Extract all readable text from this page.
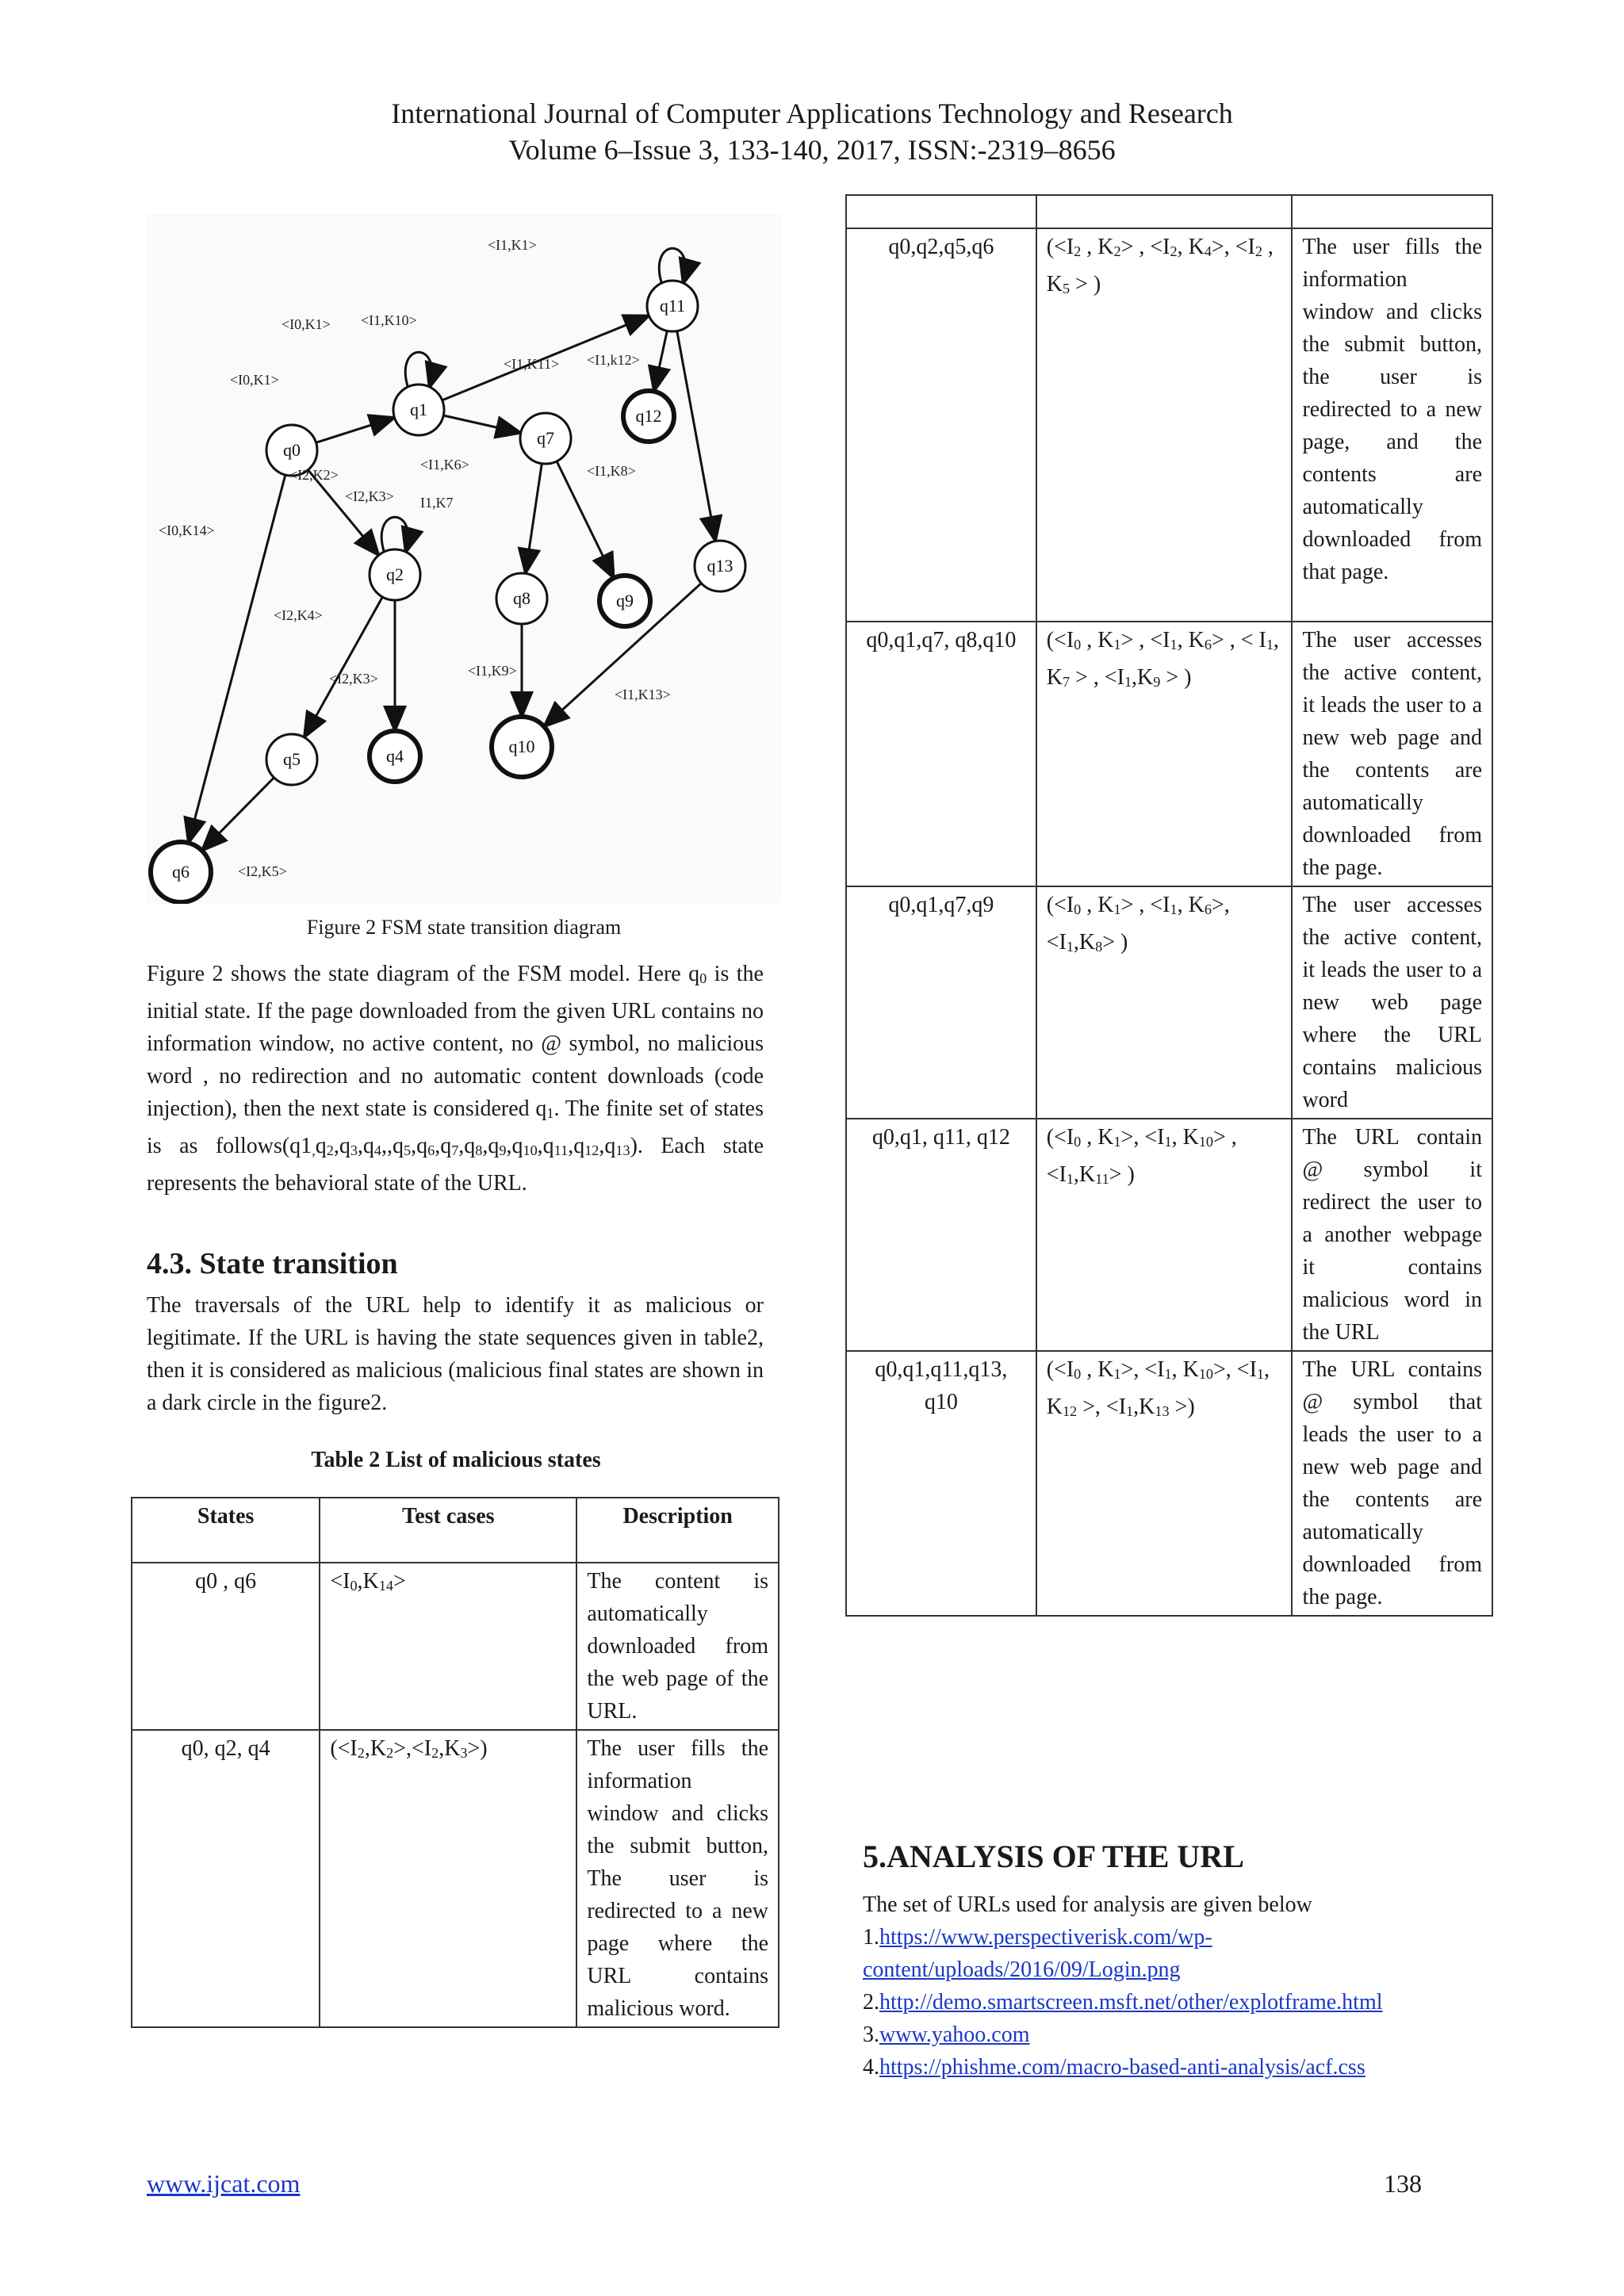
International Journal of Computer Applications Technology and Research
Volume 6–Issue 3, 133-140, 2017, ISSN:-2319–8656
q0
q1
q2
q4
q5
q6
q7
q8	q9
q10
q11
q12
q13
<I0,K14>
<I0,K1>
<I0,K1> <I1,K10>
<I1,K1>
<I1,K11> <I1,k12>
<I2,K2>
<I2,K3>
<I1,K6>
I1,K7
<I1,K8>
<I2,K4>
<I2,K3>	<I1,K9>
<I1,K13>
<I2,K5>
Figure 2 FSM state transition diagram
Figure 2 shows the state diagram of the FSM model. Here $q_0$ is the initial state. If the page downloaded from the given URL contains no information window, no active content, no @ symbol, no malicious word , no redirection and no automatic content downloads (code injection), then the next state is considered $q_1$. The finite set of states is as $follows(q1_,q_2,q_3,q_4,,q_5,q_6,q_7,q_8,q_9,q_{10},q_{11},q_{12},q_{13})$. Each state represents the behavioral state of the URL.
4.3. State transition
The traversals of the URL help to identify it as malicious or legitimate. If the URL is having the state sequences given in table2, then it is considered as malicious (malicious final states are shown in a dark circle in the figure2.
Table 2 List of malicious states
States	Test cases	Description
q0 , q6	$<I_0,K_{14}>$	The content is automatically downloaded from the web page of the URL.
q0, q2, q4	$(<I_2,K_2>,<I_2,K_3>)$	The user fills the information window and clicks the submit button, The user is redirected to a new page where the URL contains malicious word.

q0,q2,q5,q6	($<I_2$ , $K_2>$ , $<I_2$, $K_4>$, $<I_2$ , $K_5$ > )	The user fills the information window and clicks the submit button, the user is redirected to a new page, and the contents are automatically downloaded from that page.
q0,q1,q7, q8,q10	($<I_0$ , $K_1>$ , $<I_1$, $K_6>$ , < $I_1$, $K_7$ > , $<I_1,K_9$ > )	The user accesses the active content, it leads the user to a new web page and the contents are automatically downloaded from the page.
q0,q1,q7,q9	($<I_0$ , $K_1>$ , $<I_1$, $K_6>$, $<I_1,K_8>$ )	The user accesses the active content, it leads the user to a new web page where the URL contains malicious word
q0,q1, q11, q12	($<I_0$ , $K_1>$, $<I_1$, $K_{10}>$ , $<I_1,K_{11}>$ )	The URL contain @ symbol it redirect the user to a another webpage it contains malicious word in the URL
q0,q1,q11,q13, q10	($<I_0$ , $K_1>$, $<I_1$, $K_{10}>$, $<I_1$, $K_{12}$ >, $<I_1,K_{13}$ >)	The URL contains @ symbol that leads the user to a new web page and the contents are automatically downloaded from the page.
5.ANALYSIS OF THE URL
The set of URLs used for analysis are given below
1.https://www.perspectiverisk.com/wp-content/uploads/2016/09/Login.png
2.http://demo.smartscreen.msft.net/other/explotframe.html
3.www.yahoo.com
4.https://phishme.com/macro-based-anti-analysis/acf.css
www.ijcat.com	138
